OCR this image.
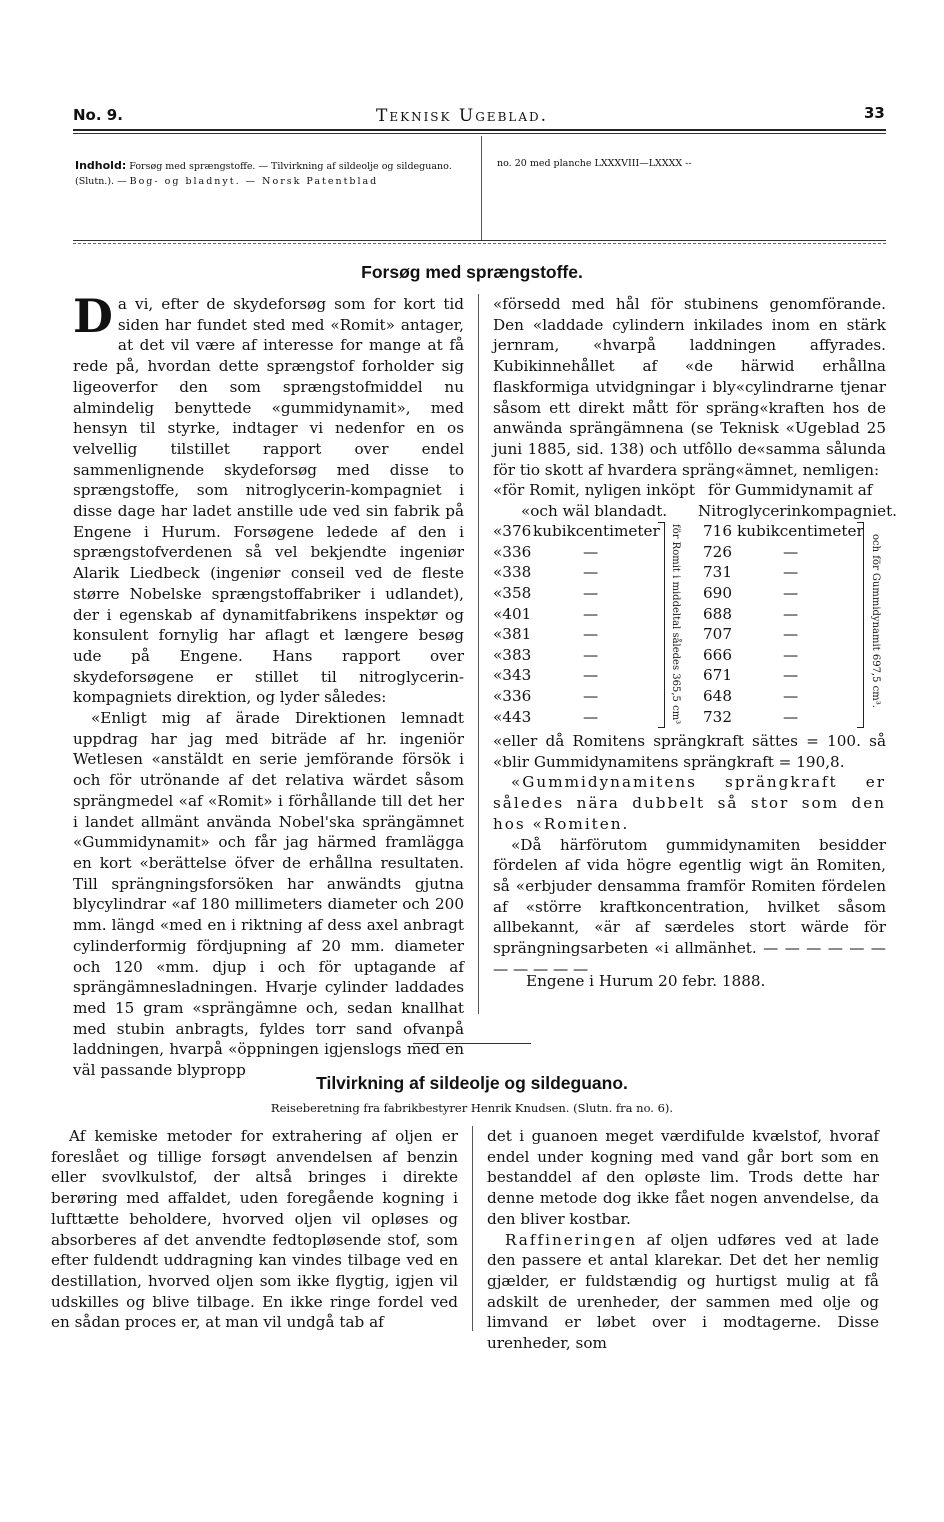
No. 9.	Teknisk Ugeblad.	33
Indhold: Forsøg med sprængstoffe. — Tilvirkning af sildeolje og sildeguano. (Slutn.). — Bog- og bladnyt. — Norsk Patentblad
no. 20 med planche LXXXVIII—LXXXX --
Forsøg med sprængstoffe.

Da vi, efter de skydeforsøg som for kort tid siden har fundet sted med «Romit» antager, at det vil være af interesse for mange at få rede på, hvordan dette sprængstof forholder sig ligeoverfor den som sprængstofmiddel nu almindelig benyttede «gummidynamit», med hensyn til styrke, indtager vi nedenfor en os velvellig tilstillet rapport over endel sammenlignende skydeforsøg med disse to sprængstoffe, som nitroglycerin-kompagniet i disse dage har ladet anstille ude ved sin fabrik på Engene i Hurum. Forsøgene ledede af den i sprængstofverdenen så vel bekjendte ingeniør Alarik Liedbeck (ingeniør conseil ved de fleste større Nobelske sprængstoffabriker i udlandet), der i egenskab af dynamitfabrikens inspektør og konsulent fornylig har aflagt et længere besøg ude på Engene. Hans rapport over skydeforsøgene er stillet til nitroglycerin-kompagniets direktion, og lyder således:

«Enligt mig af ärade Direktionen lemnadt uppdrag har jag med biträde af hr. ingeniör Wetlesen «anstäldt en serie jemförande försök i och för utrönande af det relativa wärdet såsom sprängmedel «af «Romit» i förhållande till det her i landet allmänt använda Nobel'ska sprängämnet «Gummidynamit» och får jag härmed framlägga en kort «berättelse öfver de erhållna resultaten. Till sprängningsforsöken har anwändts gjutna blycylindrar «af 180 millimeters diameter och 200 mm. längd «med en i riktning af dess axel anbragt cylinderformig fördjupning af 20 mm. diameter och 120 «mm. djup i och för uptagande af sprängämnesladningen. Hvarje cylinder laddades med 15 gram «sprängämne och, sedan knallhat med stubin anbragts, fyldes torr sand ofvanpå laddningen, hvarpå «öppningen igjenslogs med en väl passande blypropp

«försedd med hål för stubinens genomförande. Den «laddade cylindern inkilades inom en stärk jernram, «hvarpå laddningen affyrades. Kubikinnehållet af «de härwid erhållna flaskformiga utvidgningar i bly«cylindrarne tjenar såsom ett direkt mått för spräng«kraften hos de anwända sprängämnena (se Teknisk «Ugeblad 25 juni 1885, sid. 138) och utfôllo de«samma sålunda för tio skott af hvardera spräng«ämnet, nemligen:

«för Romit, nyligen inköpt för Gummidynamit af
«och wäl blandadt. Nitroglycerinkompagniet.
«376 kubikcentimeter	716 kubikcentimeter
«336	—	726	—
«338	—	731	—
«358	—	690	—
«401	—	688	—
«381	—	707	—
«383	—	666	—
«343	—	671	—
«336	—	648	—
«443	—	732	—
för Romit i middeltal således 365,5 cm³	och för Gummidynamit 697,5 cm³.

«eller då Romitens sprängkraft sättes = 100. så «blir Gummidynamitens sprängkraft = 190,8.

«Gummidynamitens sprängkraft er således nära dubbelt så stor som den hos «Romiten.

«Då härförutom gummidynamiten besidder fördelen af vida högre egentlig wigt än Romiten, så «erbjuder densamma framför Romiten fördelen af «större kraftkoncentration, hvilket såsom allbekannt, «är af særdeles stort wärde för sprängningsarbeten «i allmänhet. — — — — — — — — — — —

Engene i Hurum 20 febr. 1888.
Tilvirkning af sildeolje og sildeguano.
Reiseberetning fra fabrikbestyrer Henrik Knudsen. (Slutn. fra no. 6).

Af kemiske metoder for extrahering af oljen er foreslået og tillige forsøgt anvendelsen af benzin eller svovlkulstof, der altså bringes i direkte berøring med affaldet, uden foregående kogning i lufttætte beholdere, hvorved oljen vil opløses og absorberes af det anvendte fedtopløsende stof, som efter fuldendt uddragning kan vindes tilbage ved en destillation, hvorved oljen som ikke flygtig, igjen vil udskilles og blive tilbage. En ikke ringe fordel ved en sådan proces er, at man vil undgå tab af

det i guanoen meget værdifulde kvælstof, hvoraf endel under kogning med vand går bort som en bestanddel af den opløste lim. Trods dette har denne metode dog ikke fået nogen anvendelse, da den bliver kostbar.

Raffineringen af oljen udføres ved at lade den passere et antal klarekar. Det det her nemlig gjælder, er fuldstændig og hurtigst mulig at få adskilt de urenheder, der sammen med olje og limvand er løbet over i modtagerne. Disse urenheder, som
